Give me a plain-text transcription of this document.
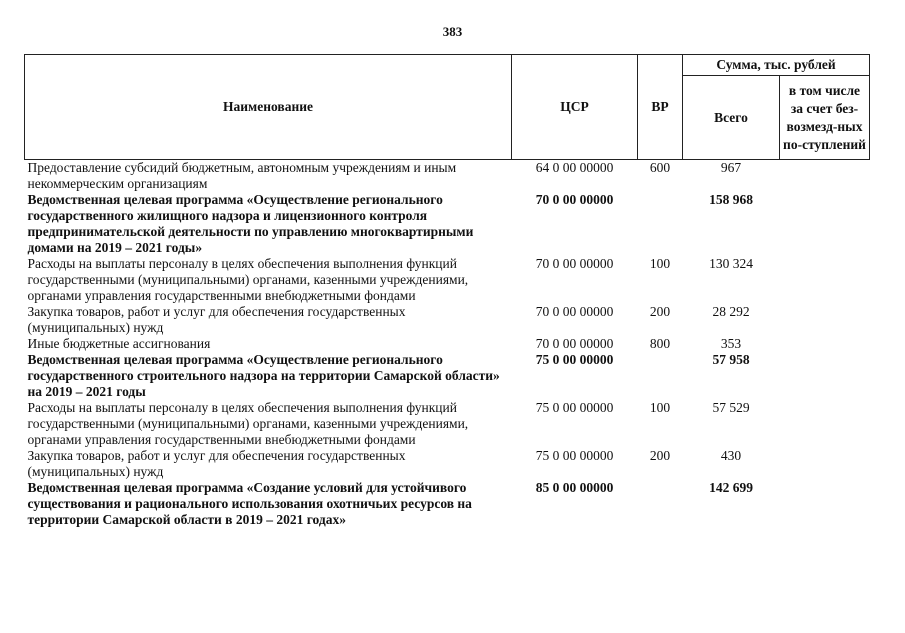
383
Наименование	ЦСР	ВР	Сумма, тыс. рублей	
			Всего	в том числе за счет без-возмезд-ных по-ступлений
Предоставление субсидий бюджетным, автономным учреждениям и иным некоммерческим организациям	64 0 00 00000	600	967	
Ведомственная целевая программа «Осуществление регионального государственного жилищного надзора и лицензионного контроля предпринимательской деятельности по управлению многоквартирными домами на 2019 – 2021 годы»	70 0 00 00000		158 968	
Расходы на выплаты персоналу в целях обеспечения выполнения функций государственными (муниципальными) органами, казенными учреждениями, органами управления государственными внебюджетными фондами	70 0 00 00000	100	130 324	
Закупка товаров, работ и услуг для обеспечения государственных (муниципальных) нужд	70 0 00 00000	200	28 292	
Иные бюджетные ассигнования	70 0 00 00000	800	353	
Ведомственная целевая программа «Осуществление регионального государственного строительного надзора на территории Самарской области» на 2019 – 2021 годы	75 0 00 00000		57 958	
Расходы на выплаты персоналу в целях обеспечения выполнения функций государственными (муниципальными) органами, казенными учреждениями, органами управления государственными внебюджетными фондами	75 0 00 00000	100	57 529	
Закупка товаров, работ и услуг для обеспечения государственных (муниципальных) нужд	75 0 00 00000	200	430	
Ведомственная целевая программа «Создание условий для устойчивого существования и рационального использования охотничьих ресурсов на территории Самарской области в 2019 – 2021 годах»	85 0 00 00000		142 699	
